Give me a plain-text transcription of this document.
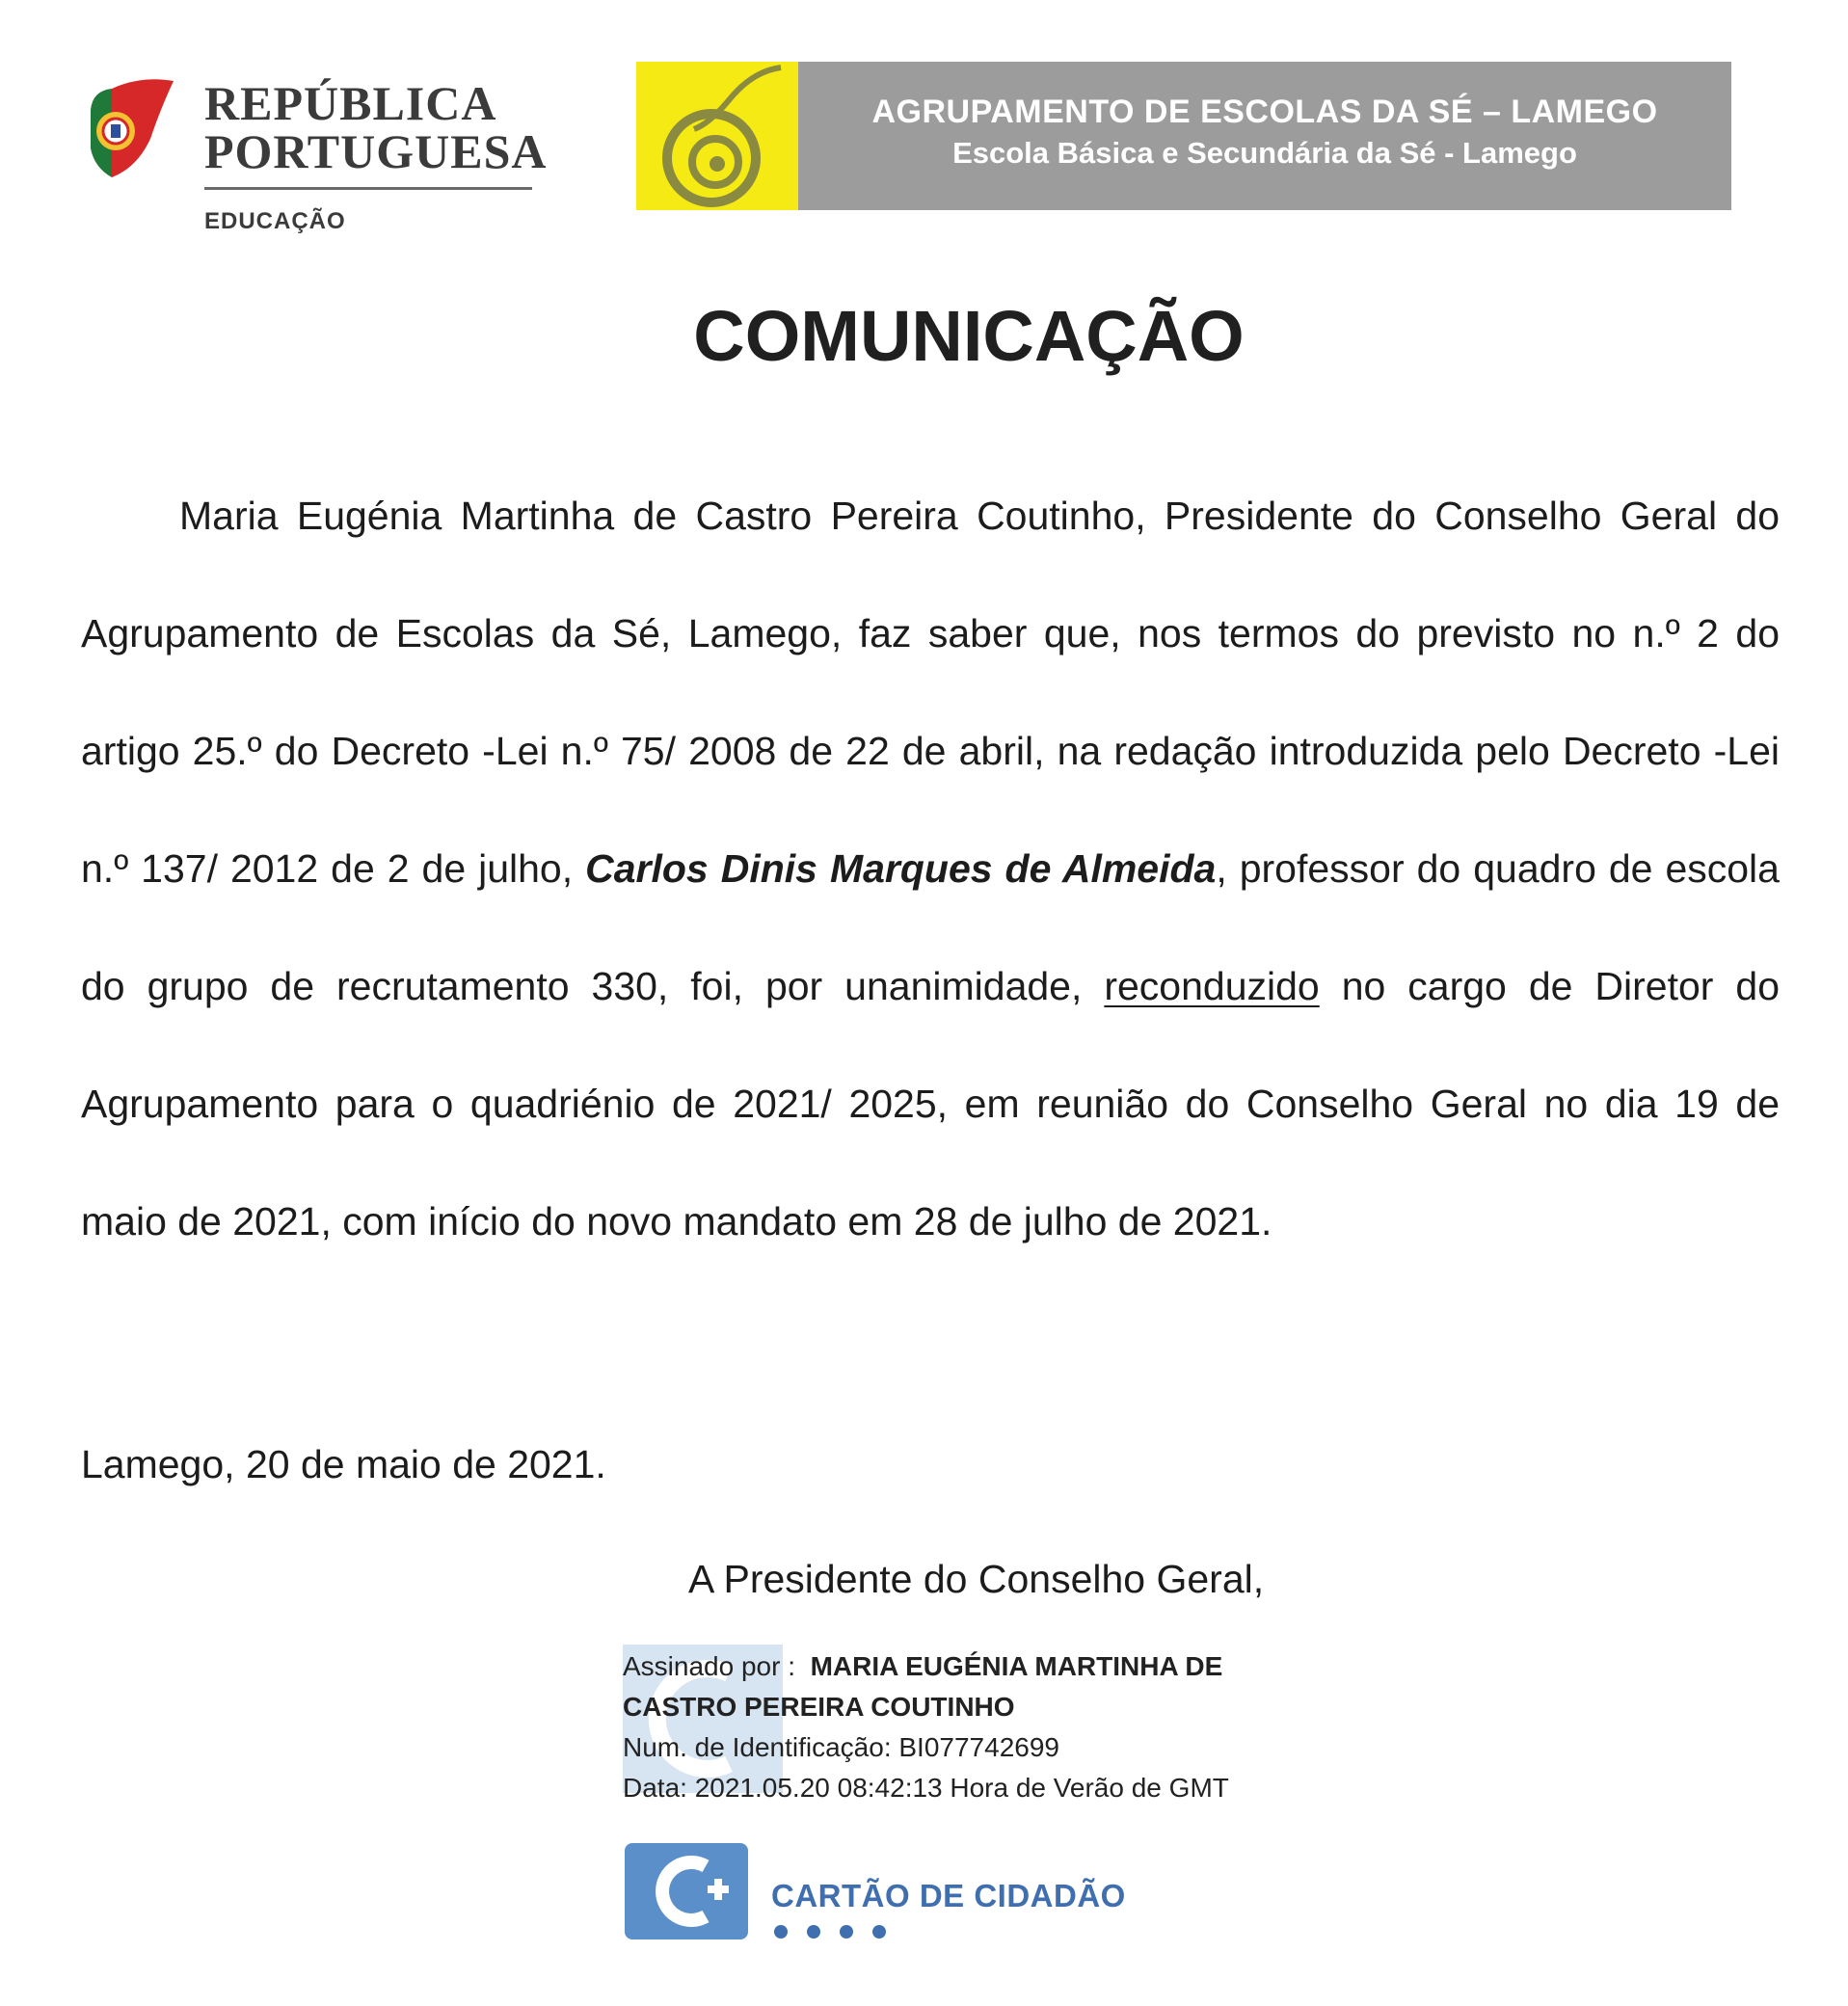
REPÚBLICA
PORTUGUESA
EDUCAÇÃO
AGRUPAMENTO DE ESCOLAS DA SÉ – LAMEGO
Escola Básica e Secundária da Sé - Lamego
COMUNICAÇÃO
Maria Eugénia Martinha de Castro Pereira Coutinho, Presidente do Conselho Geral do Agrupamento de Escolas da Sé, Lamego, faz saber que, nos termos do previsto no n.º 2 do artigo 25.º do Decreto -Lei n.º 75/ 2008 de 22 de abril, na redação introduzida pelo Decreto -Lei n.º 137/ 2012 de 2 de julho, Carlos Dinis Marques de Almeida, professor do quadro de escola do grupo de recrutamento 330, foi, por unanimidade, reconduzido no cargo de Diretor do Agrupamento para o quadriénio de 2021/ 2025, em reunião do Conselho Geral no dia 19 de maio de 2021, com início do novo mandato em 28 de julho de 2021.
Lamego, 20 de maio de 2021.
A Presidente do Conselho Geral,
Assinado por : MARIA EUGÉNIA MARTINHA DE
CASTRO PEREIRA COUTINHO
Num. de Identificação: BI077742699
Data: 2021.05.20 08:42:13 Hora de Verão de GMT
CARTÃO DE CIDADÃO
